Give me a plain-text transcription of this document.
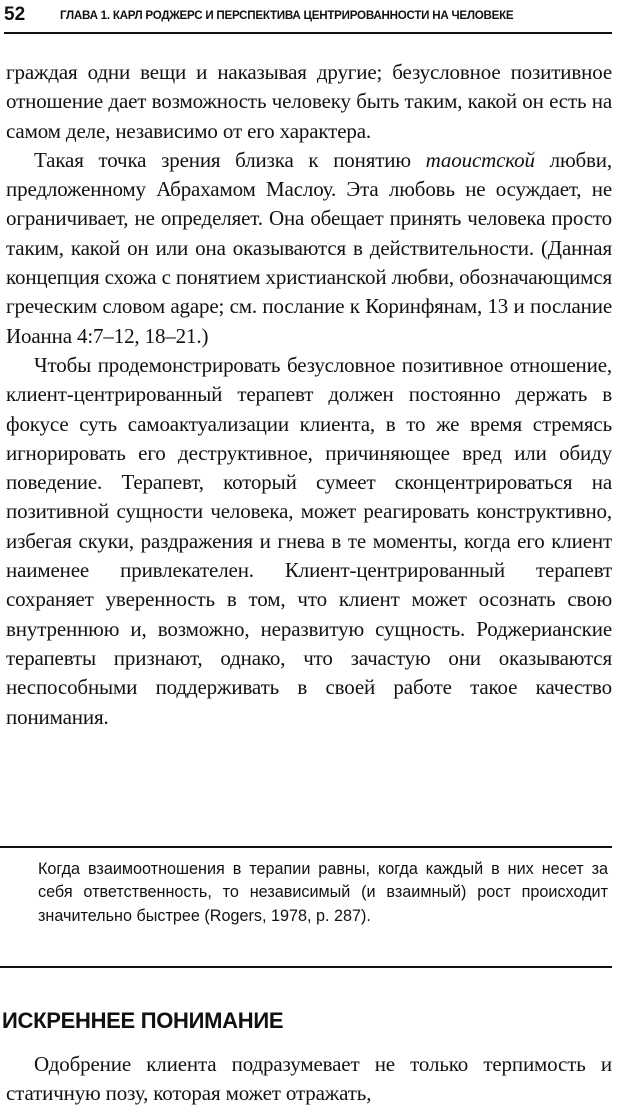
52	ГЛАВА 1. КАРЛ РОДЖЕРС И ПЕРСПЕКТИВА ЦЕНТРИРОВАННОСТИ НА ЧЕЛОВЕКЕ

граждая одни вещи и наказывая другие; безусловное позитивное отношение дает возможность человеку быть таким, какой он есть на самом деле, независимо от его характера.

Такая точка зрения близка к понятию таоистской любви, предложенному Абрахамом Маслоу. Эта любовь не осуждает, не ограничивает, не определяет. Она обещает принять человека просто таким, какой он или она оказываются в действительности. (Данная концепция схожа с понятием христианской любви, обозначающимся греческим словом agape; см. послание к Коринфянам, 13 и послание Иоанна 4:7–12, 18–21.)

Чтобы продемонстрировать безусловное позитивное отношение, клиент-центрированный терапевт должен постоянно держать в фокусе суть самоактуализации клиента, в то же время стремясь игнорировать его деструктивное, причиняющее вред или обиду поведение. Терапевт, который сумеет сконцентрироваться на позитивной сущности человека, может реагировать конструктивно, избегая скуки, раздражения и гнева в те моменты, когда его клиент наименее привлекателен. Клиент-центрированный терапевт сохраняет уверенность в том, что клиент может осознать свою внутреннюю и, возможно, неразвитую сущность. Роджерианские терапевты признают, однако, что зачастую они оказываются неспособными поддерживать в своей работе такое качество понимания.

Когда взаимоотношения в терапии равны, когда каждый в них несет за себя ответственность, то независимый (и взаимный) рост происходит значительно быстрее (Rogers, 1978, p. 287).

ИСКРЕННЕЕ ПОНИМАНИЕ

Одобрение клиента подразумевает не только терпимость и статичную позу, которая может отражать,
